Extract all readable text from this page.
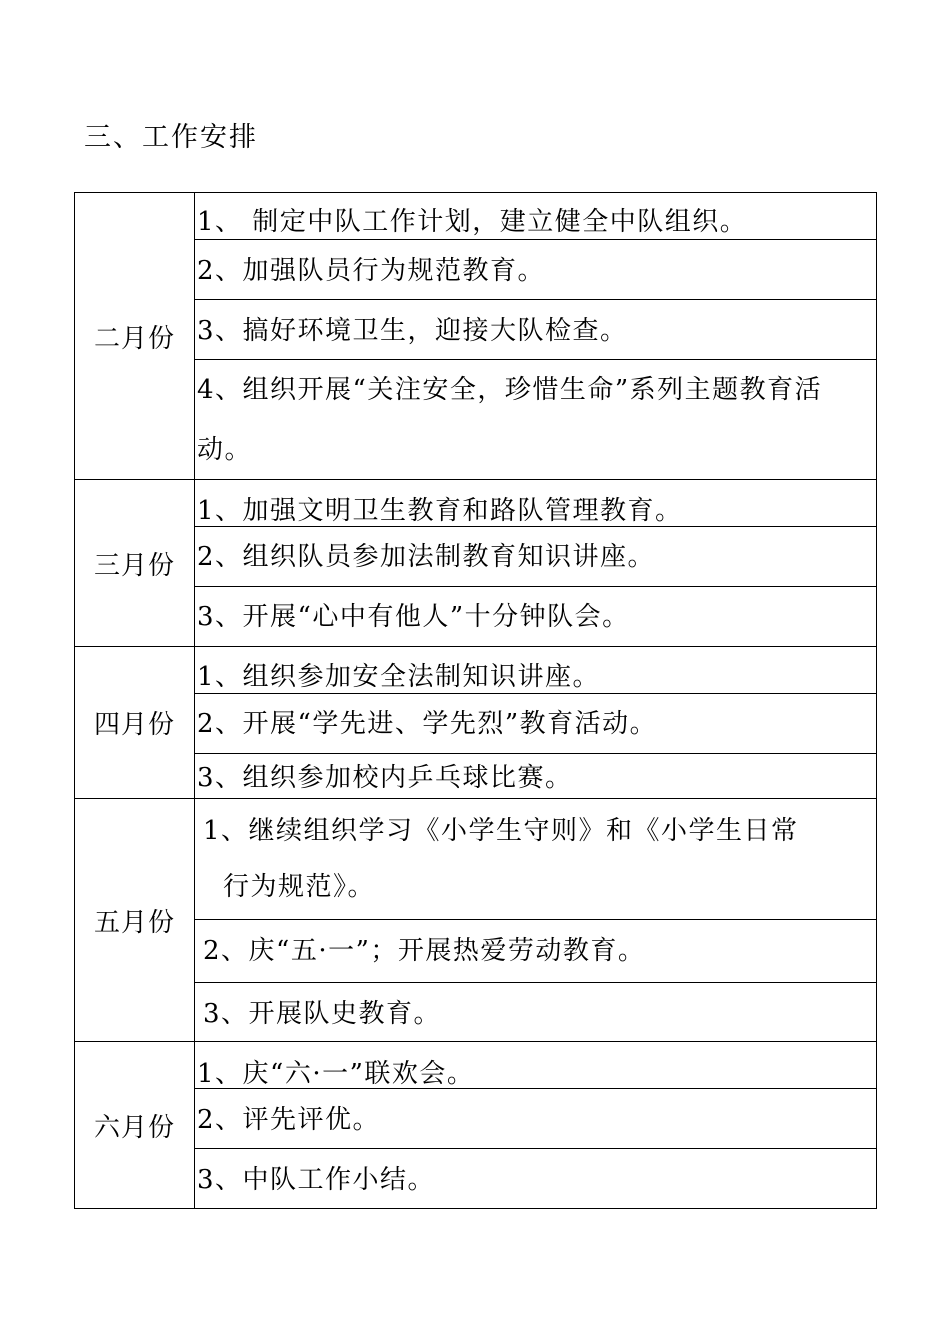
三、工作安排
二月份
1、 制定中队工作计划，建立健全中队组织。
2、加强队员行为规范教育。
3、搞好环境卫生，迎接大队检查。
4、组织开展“关注安全，珍惜生命”系列主题教育活动。
三月份
1、加强文明卫生教育和路队管理教育。
2、组织队员参加法制教育知识讲座。
3、开展“心中有他人”十分钟队会。
四月份
1、组织参加安全法制知识讲座。
2、开展“学先进、学先烈”教育活动。
3、组织参加校内乒乓球比赛。
五月份
1、继续组织学习《小学生守则》和《小学生日常
行为规范》。
2、庆“五·一”；开展热爱劳动教育。
3、开展队史教育。
六月份
1、庆“六·一”联欢会。
2、评先评优。
3、中队工作小结。
